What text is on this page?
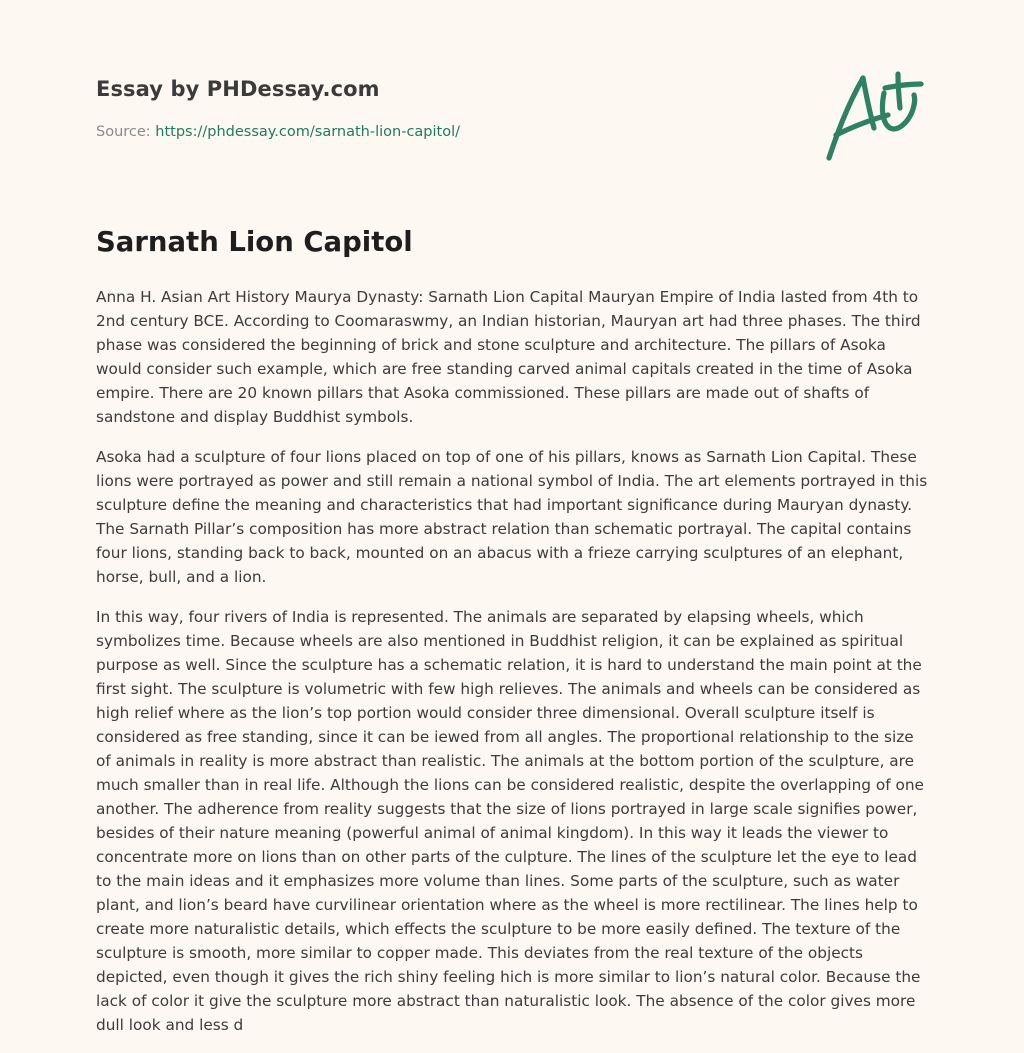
Essay by PHDessay.com

Source: https://phdessay.com/sarnath-lion-capitol/

Sarnath Lion Capitol

Anna H. Asian Art History Maurya Dynasty: Sarnath Lion Capital Mauryan Empire of India lasted from 4th to 2nd century BCE. According to Coomaraswmy, an Indian historian, Mauryan art had three phases. The third phase was considered the beginning of brick and stone sculpture and architecture. The pillars of Asoka would consider such example, which are free standing carved animal capitals created in the time of Asoka empire. There are 20 known pillars that Asoka commissioned. These pillars are made out of shafts of sandstone and display Buddhist symbols.

Asoka had a sculpture of four lions placed on top of one of his pillars, knows as Sarnath Lion Capital. These lions were portrayed as power and still remain a national symbol of India. The art elements portrayed in this sculpture define the meaning and characteristics that had important significance during Mauryan dynasty. The Sarnath Pillar’s composition has more abstract relation than schematic portrayal. The capital contains four lions, standing back to back, mounted on an abacus with a frieze carrying sculptures of an elephant, horse, bull, and a lion.

In this way, four rivers of India is represented. The animals are separated by elapsing wheels, which symbolizes time. Because wheels are also mentioned in Buddhist religion, it can be explained as spiritual purpose as well. Since the sculpture has a schematic relation, it is hard to understand the main point at the first sight. The sculpture is volumetric with few high relieves. The animals and wheels can be considered as high relief where as the lion’s top portion would consider three dimensional. Overall sculpture itself is considered as free standing, since it can be iewed from all angles. The proportional relationship to the size of animals in reality is more abstract than realistic. The animals at the bottom portion of the sculpture, are much smaller than in real life. Although the lions can be considered realistic, despite the overlapping of one another. The adherence from reality suggests that the size of lions portrayed in large scale signifies power, besides of their nature meaning (powerful animal of animal kingdom). In this way it leads the viewer to concentrate more on lions than on other parts of the culpture. The lines of the sculpture let the eye to lead to the main ideas and it emphasizes more volume than lines. Some parts of the sculpture, such as water plant, and lion’s beard have curvilinear orientation where as the wheel is more rectilinear. The lines help to create more naturalistic details, which effects the sculpture to be more easily defined. The texture of the sculpture is smooth, more similar to copper made. This deviates from the real texture of the objects depicted, even though it gives the rich shiny feeling hich is more similar to lion’s natural color. Because the lack of color it give the sculpture more abstract than naturalistic look. The absence of the color gives more dull look and less d
